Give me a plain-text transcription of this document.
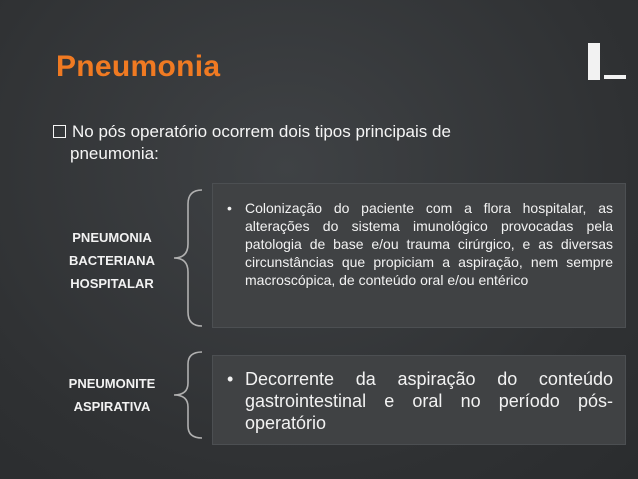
Pneumonia
No pós operatório ocorrem dois tipos principais de
pneumonia:
PNEUMONIA
BACTERIANA
HOSPITALAR
• Colonização do paciente com a flora hospitalar, as alterações do sistema imunológico provocadas pela patologia de base e/ou trauma cirúrgico, e as diversas circunstâncias que propiciam a aspiração, nem sempre macroscópica, de conteúdo oral e/ou entérico
PNEUMONITE
ASPIRATIVA
• Decorrente da aspiração do conteúdo gastrointestinal e oral no período pós-operatório
